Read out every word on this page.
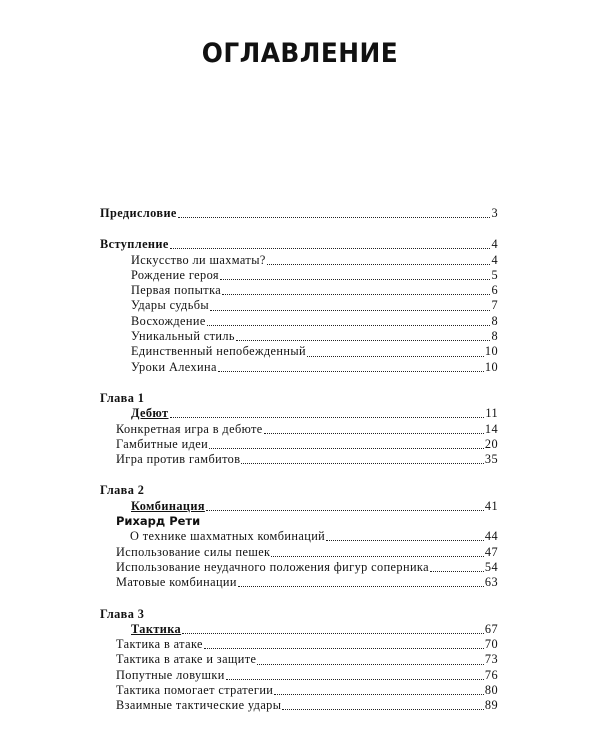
ОГЛАВЛЕНИЕ
Предисловие	3
Вступление	4
Искусство ли шахматы?	4
Рождение героя	5
Первая попытка	6
Удары судьбы	7
Восхождение	8
Уникальный стиль	8
Единственный непобежденный	10
Уроки Алехина	10
Глава 1
Дебют	11
Конкретная игра в дебюте	14
Гамбитные идеи	20
Игра против гамбитов	35
Глава 2
Комбинация	41
Рихард Рети
О технике шахматных комбинаций	44
Использование силы пешек	47
Использование неудачного положения фигур соперника	54
Матовые комбинации	63
Глава 3
Тактика	67
Тактика в атаке	70
Тактика в атаке и защите	73
Попутные ловушки	76
Тактика помогает стратегии	80
Взаимные тактические удары	89
